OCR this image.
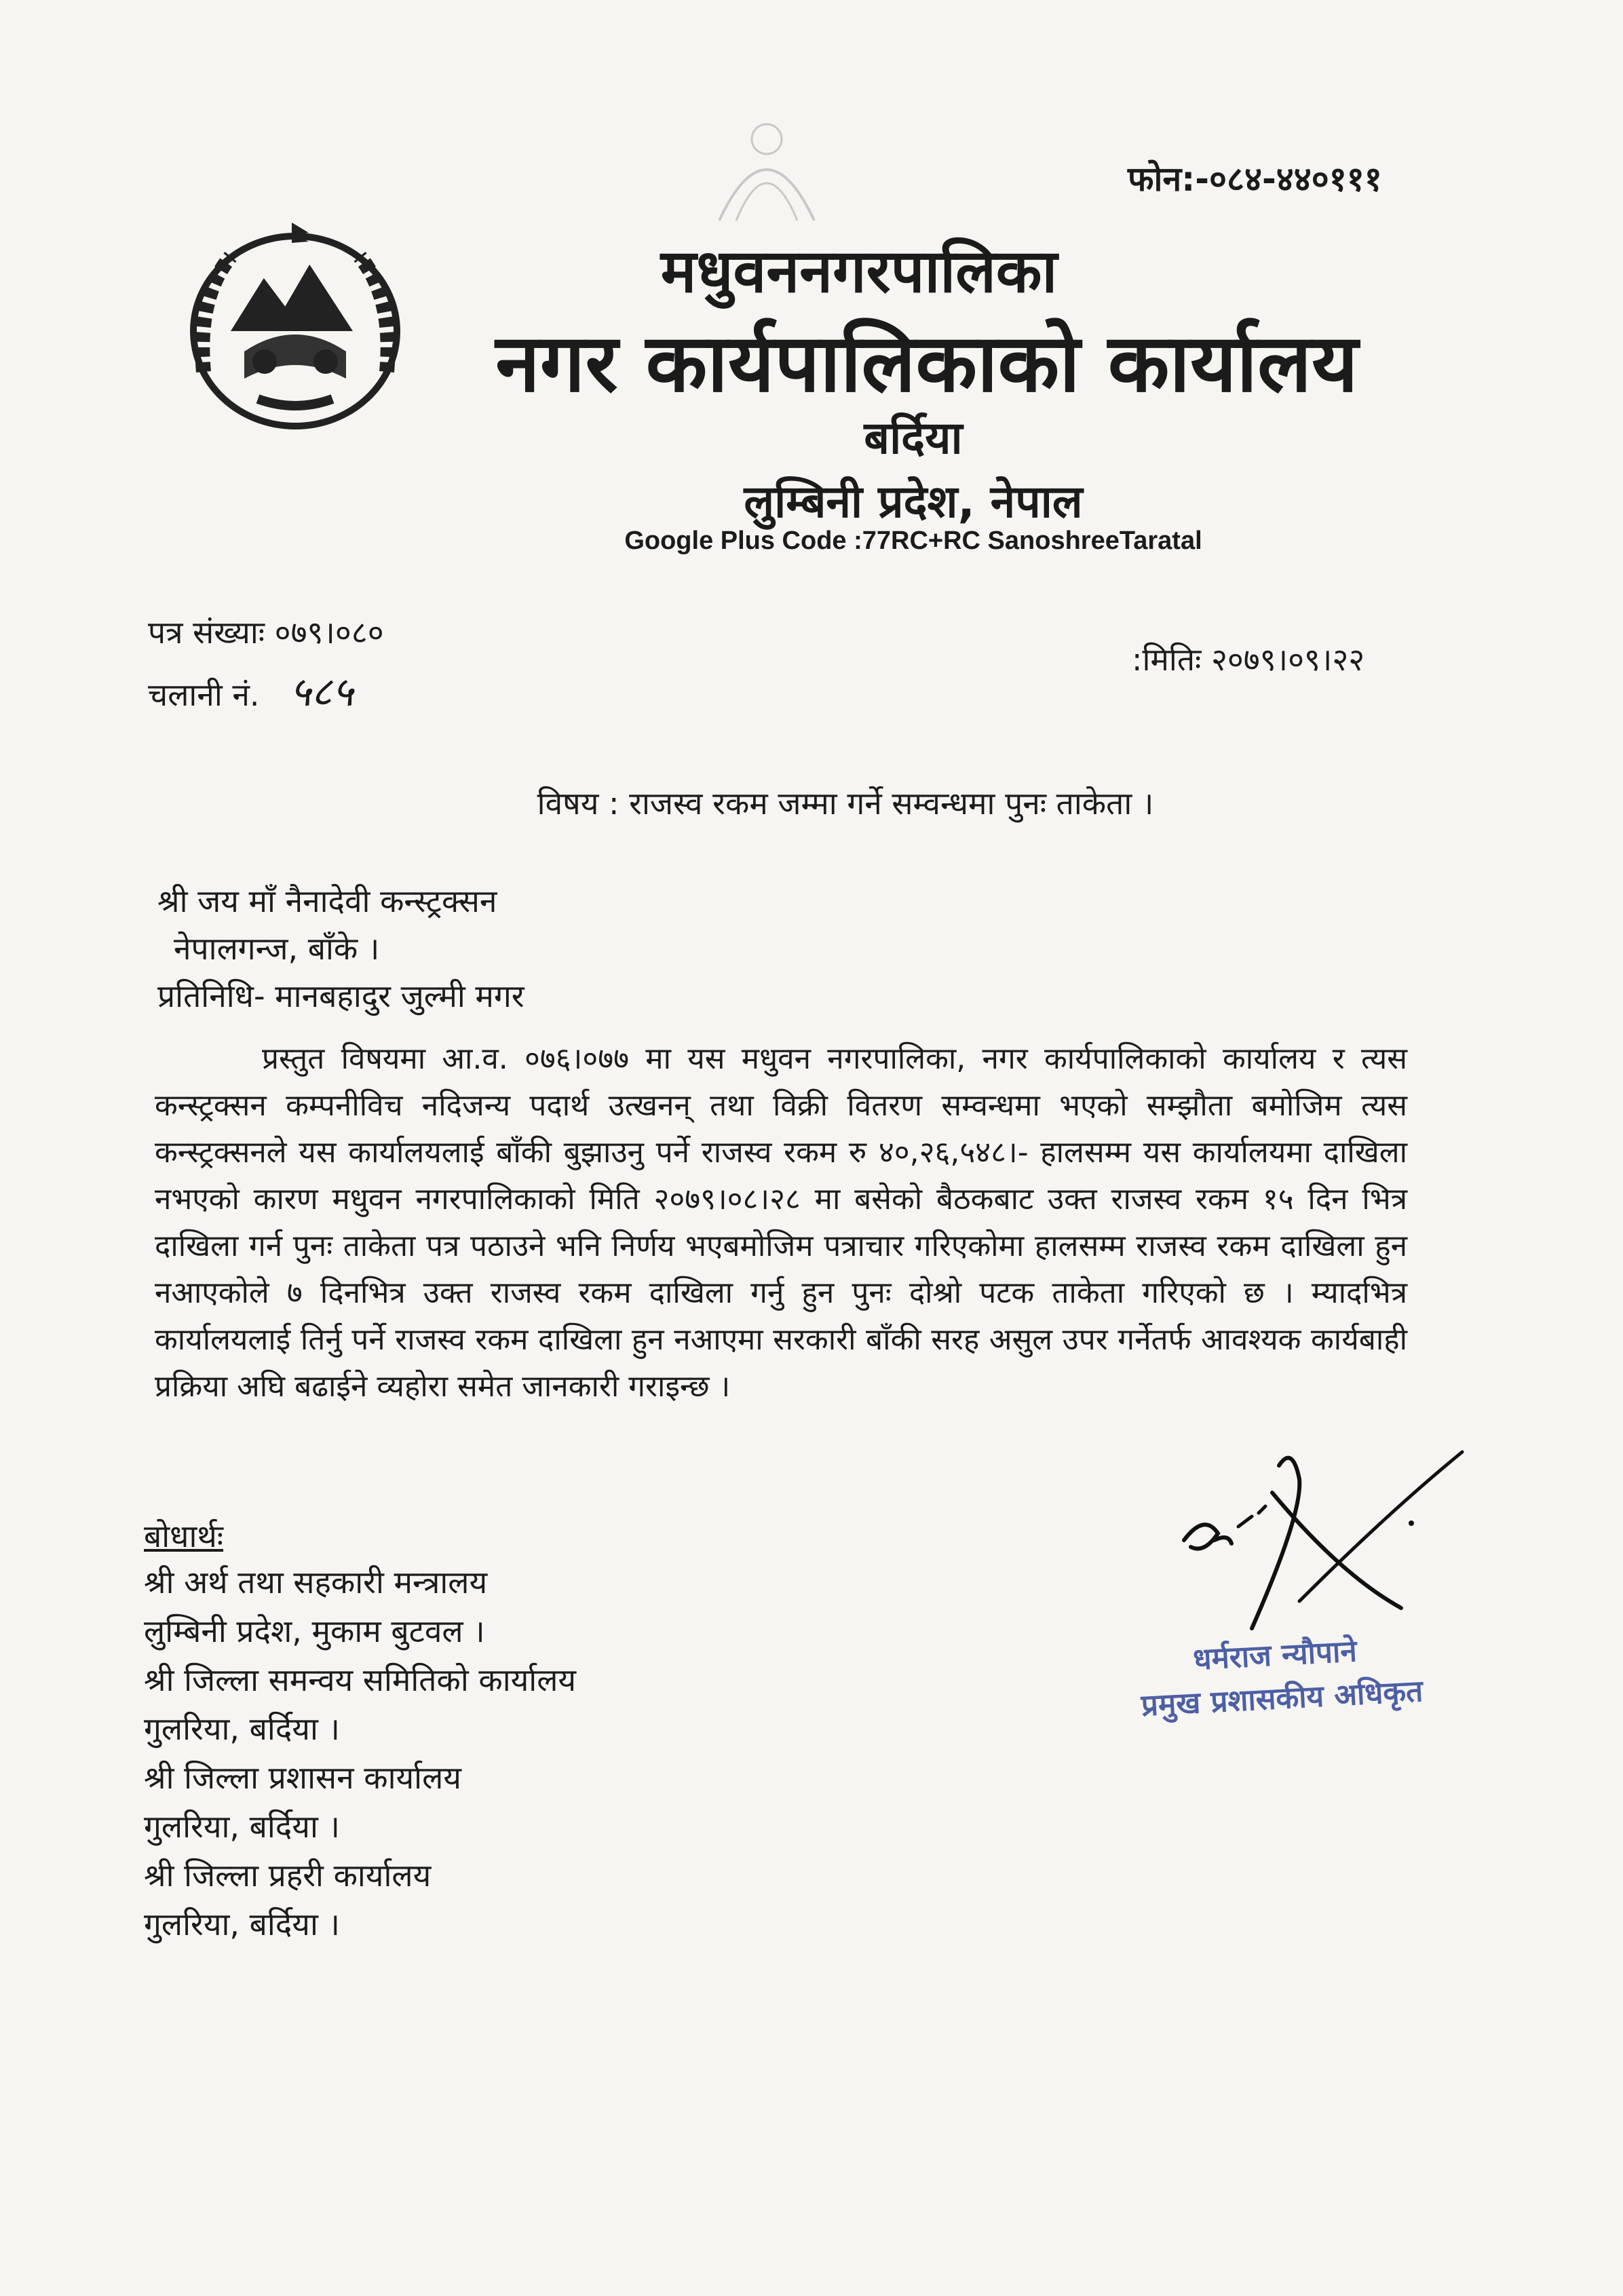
फोन:-०८४-४४०१११
मधुवननगरपालिका
नगर कार्यपालिकाको कार्यालय
बर्दिया
लुम्बिनी प्रदेश, नेपाल
Google Plus Code :77RC+RC SanoshreeTaratal
पत्र संख्याः ०७९।०८०
चलानी नं. ५८५
:मितिः २०७९।०९।२२
विषय : राजस्व रकम जम्मा गर्ने सम्वन्धमा पुनः ताकेता ।
श्री जय माँ नैनादेवी कन्स्ट्रक्सन
नेपालगन्ज, बाँके ।
प्रतिनिधि- मानबहादुर जुल्मी मगर
प्रस्तुत विषयमा आ.व. ०७६।०७७ मा यस मधुवन नगरपालिका, नगर कार्यपालिकाको कार्यालय र त्यस कन्स्ट्रक्सन कम्पनीविच नदिजन्य पदार्थ उत्खनन् तथा विक्री वितरण सम्वन्धमा भएको सम्झौता बमोजिम त्यस कन्स्ट्रक्सनले यस कार्यालयलाई बाँकी बुझाउनु पर्ने राजस्व रकम रु ४०,२६,५४८।- हालसम्म यस कार्यालयमा दाखिला नभएको कारण मधुवन नगरपालिकाको मिति २०७९।०८।२८ मा बसेको बैठकबाट उक्त राजस्व रकम १५ दिन भित्र दाखिला गर्न पुनः ताकेता पत्र पठाउने भनि निर्णय भएबमोजिम पत्राचार गरिएकोमा हालसम्म राजस्व रकम दाखिला हुन नआएकोले ७ दिनभित्र उक्त राजस्व रकम दाखिला गर्नु हुन पुनः दोश्रो पटक ताकेता गरिएको छ । म्यादभित्र कार्यालयलाई तिर्नु पर्ने राजस्व रकम दाखिला हुन नआएमा सरकारी बाँकी सरह असुल उपर गर्नेतर्फ आवश्यक कार्यबाही प्रक्रिया अघि बढाईने व्यहोरा समेत जानकारी गराइन्छ ।
बोधार्थः
श्री अर्थ तथा सहकारी मन्त्रालय
लुम्बिनी प्रदेश, मुकाम बुटवल ।
श्री जिल्ला समन्वय समितिको कार्यालय
गुलरिया, बर्दिया ।
श्री जिल्ला प्रशासन कार्यालय
गुलरिया, बर्दिया ।
श्री जिल्ला प्रहरी कार्यालय
गुलरिया, बर्दिया ।
धर्मराज न्यौपाने
प्रमुख प्रशासकीय अधिकृत
